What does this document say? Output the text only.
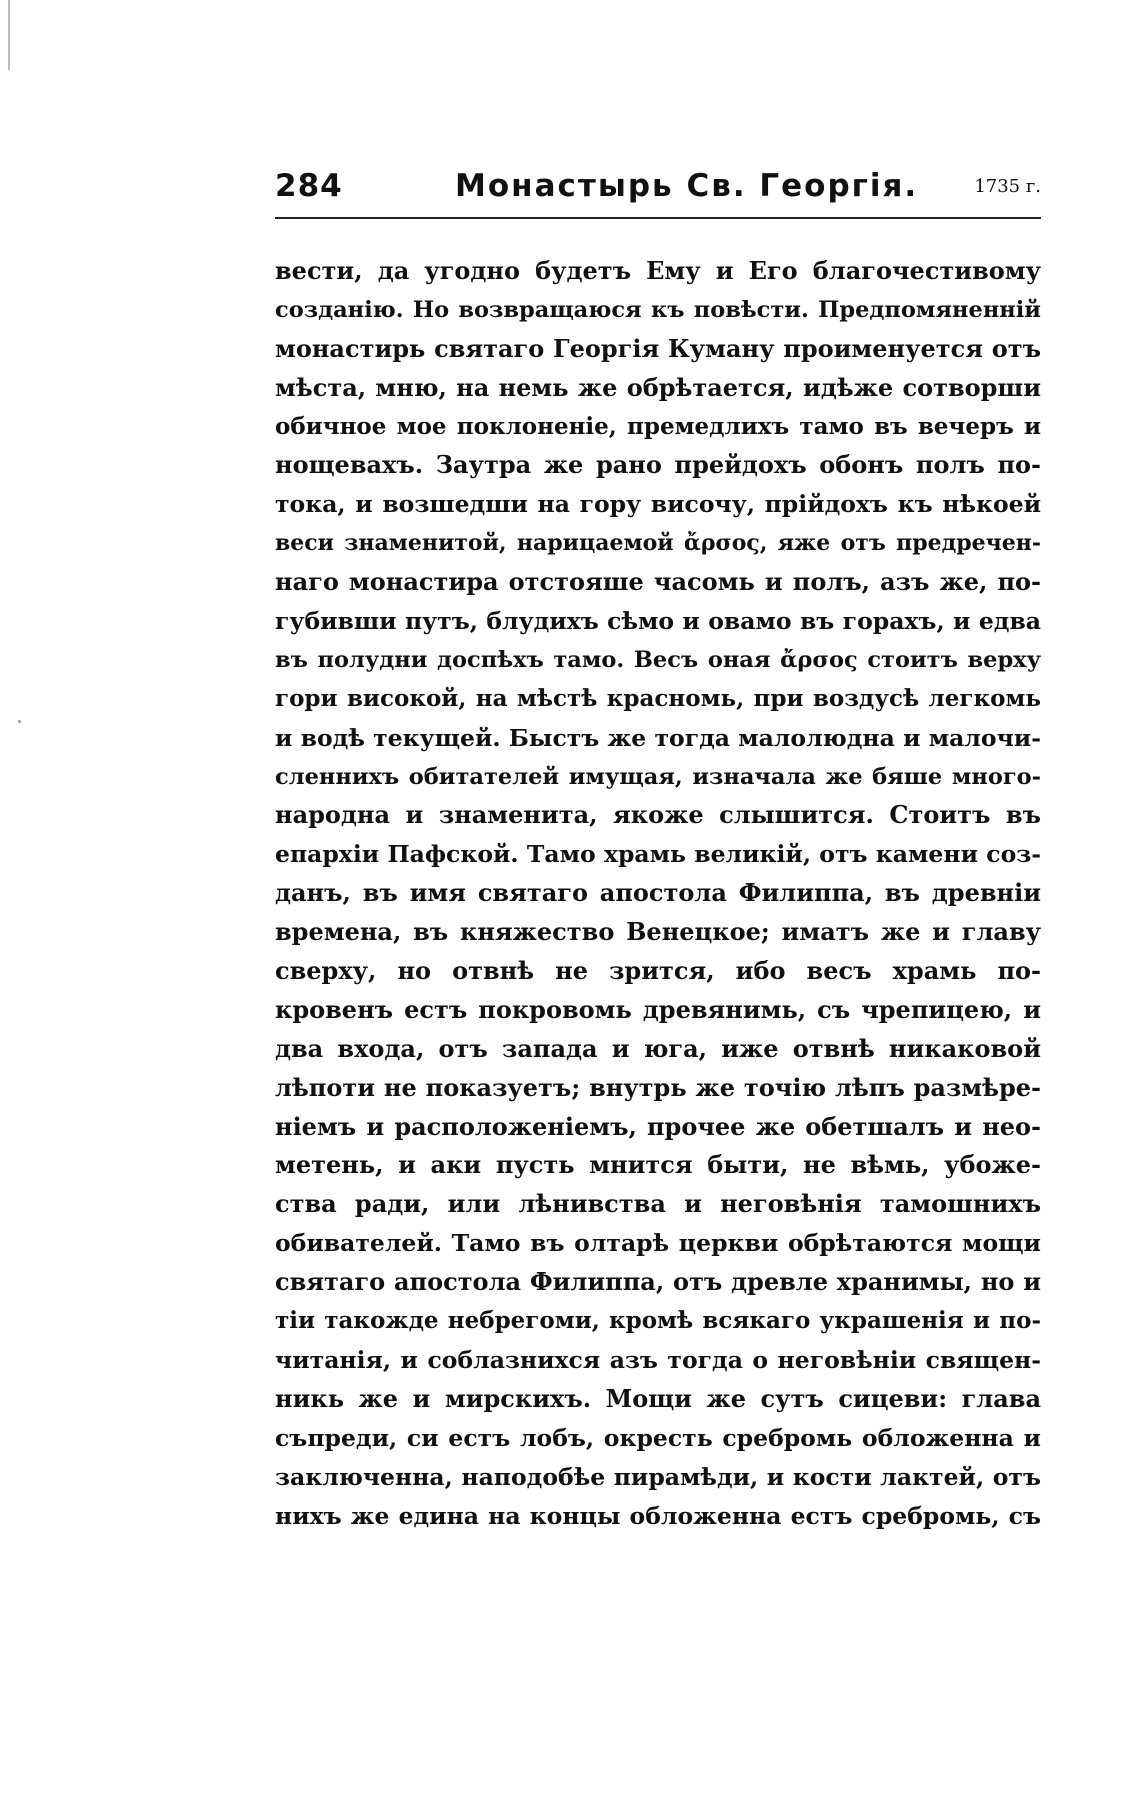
284	Монастырь Св. Георгія.	1735 г.
вести, да угодно будетъ Ему и Его благочестивому
созданію. Но возвращаюся къ повѣсти. Предпомяненній
монастирь святаго Георгія Куману проименуется отъ
мѣста, мню, на немь же обрѣтается, идѣже сотворши
обичное мое поклоненіе, премедлихъ тамо въ вечеръ и
нощевахъ. Заутра же рано прейдохъ обонъ полъ по-
тока, и возшедши на гору височу, прійдохъ къ нѣкоей
веси знаменитой, нарицаемой ἄρσος, яже отъ предречен-
наго монастира отстояше часомь и полъ, азъ же, по-
губивши путъ, блудихъ сѣмо и овамо въ горахъ, и едва
въ полудни доспѣхъ тамо. Весъ оная ἄρσος стоитъ верху
гори високой, на мѣстѣ красномь, при воздусѣ легкомь
и водѣ текущей. Быстъ же тогда малолюдна и малочи-
сленнихъ обитателей имущая, изначала же бяше много-
народна и знаменита, якоже слышится. Стоитъ въ
епархіи Пафской. Тамо храмь великій, отъ камени соз-
данъ, въ имя святаго апостола Филиппа, въ древніи
времена, въ княжество Венецкое; иматъ же и главу
сверху, но отвнѣ не зрится, ибо весъ храмь по-
кровенъ естъ покровомь древянимь, съ чрепицею, и
два входа, отъ запада и юга, иже отвнѣ никаковой
лѣпоти не показуетъ; внутрь же точію лѣпъ размѣре-
ніемъ и расположеніемъ, прочее же обетшалъ и нео-
метень, и аки пусть мнится быти, не вѣмь, убоже-
ства ради, или лѣнивства и неговѣнія тамошнихъ
обивателей. Тамо въ олтарѣ церкви обрѣтаются мощи
святаго апостола Филиппа, отъ древле хранимы, но и
тіи такожде небрегоми, кромѣ всякаго украшенія и по-
читанія, и соблазнихся азъ тогда о неговѣніи священ-
никь же и мирскихъ. Мощи же сутъ сицеви: глава
съпреди, си естъ лобъ, окресть сребромь обложенна и
заключенна, наподобѣе пирамѣди, и кости лактей, отъ
нихъ же едина на концы обложенна естъ сребромь, съ
